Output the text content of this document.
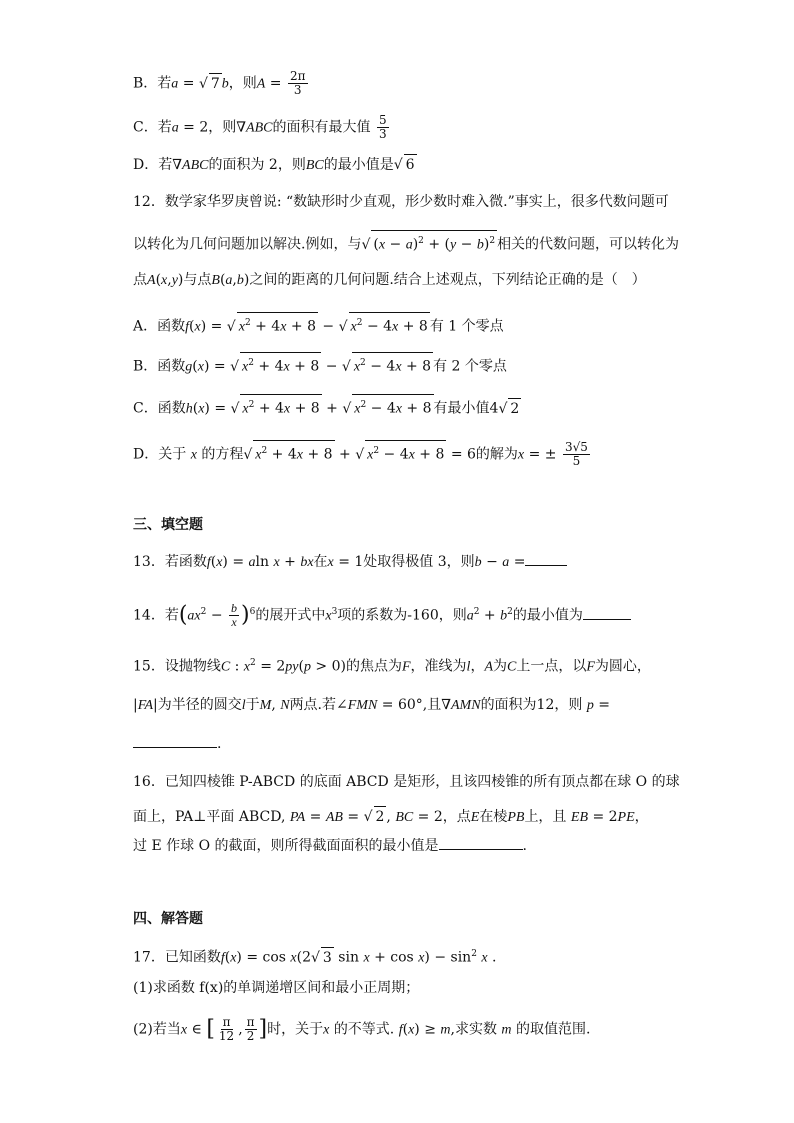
B．若a = √ 7 b，则$A = \frac{2\pi}{3}$
C．若a = 2，则∇ABC的面积有最大值 $\frac{5}{3}$
D．若∇ABC的面积为 2，则BC的最小值是√ 6
12．数学家华罗庚曾说: “数缺形时少直观，形少数时难入微.”事实上，很多代数问题可
以转化为几何问题加以解决.例如，与√ $(x - a)^2 + (y - b)^2$ 相关的代数问题，可以转化为
点A(x,y)与点B(a,b)之间的距离的几何问题.结合上述观点，下列结论正确的是（　）
A．函数f(x) = √ $x^2 + 4x + 8$ − √ $x^2 - 4x + 8$ 有 1 个零点
B．函数g(x) = √ $x^2 + 4x + 8$ − √ $x^2 - 4x + 8$ 有 2 个零点
C．函数h(x) = √ $x^2 + 4x + 8$ + √ $x^2 - 4x + 8$ 有最小值4√ 2
D．关于 x 的方程√ $x^2 + 4x + 8$ + √ $x^2 - 4x + 8 = 6$的解为x = ± $\frac{3√5}{5}$
三、填空题
13．若函数f(x) = aln x + bx在x = 1处取得极值 3，则b − a =
14．若$(ax^2 - \frac{b}{x} )^6$的展开式中$x^3$项的系数为-160，则$a^2 + b^2$的最小值为
15．设抛物线C : $x^2 = 2py(p > 0)$的焦点为F，准线为l，A为C上一点，以F为圆心，
|FA|为半径的圆交l于M, N两点.若∠FMN = 60°,且∇AMN的面积为12，则 p =
.
16．已知四棱锥 P-ABCD 的底面 ABCD 是矩形，且该四棱锥的所有顶点都在球 O 的球
面上，PA⊥平面 ABCD, PA = AB = √ 2 , BC = 2，点E在棱PB上，且 EB = 2PE，
过 E 作球 O 的截面，则所得截面面积的最小值是	.
四、解答题
17．已知函数f(x) = cos x(2√ 3 $\sin x + \cos x) - \sin^2 x$ .
(1)求函数 f(x)的单调递增区间和最小正周期；
(2)若当x ∈ [ $\frac{\pi}{12}$ , $\frac{\pi}{2}$ ]时，关于x 的不等式. f(x) ≥ m,求实数 m 的取值范围.
